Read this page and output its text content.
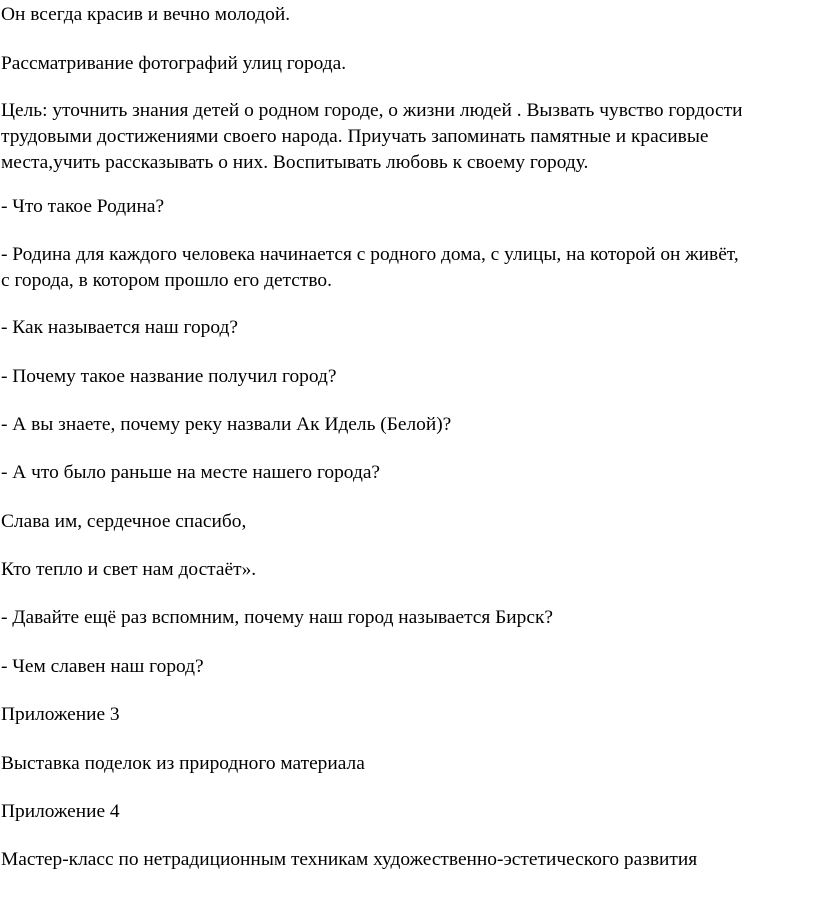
Он всегда красив и вечно молодой.

Рассматривание фотографий улиц города.

Цель: уточнить знания детей о родном городе, о жизни людей . Вызвать чувство гордости
трудовыми достижениями своего народа. Приучать запоминать памятные и красивые
места,учить рассказывать о них. Воспитывать любовь к своему городу.

- Что такое Родина?

- Родина для каждого человека начинается с родного дома, с улицы, на которой он живёт,
с города, в котором прошло его детство.

- Как называется наш город?

- Почему такое название получил город?

- А вы знаете, почему реку назвали Ак Идель (Белой)?

- А что было раньше на месте нашего города?

Слава им, сердечное спасибо,

Кто тепло и свет нам достаёт».

- Давайте ещё раз вспомним, почему наш город называется Бирск?

- Чем славен наш город?

Приложение 3

Выставка поделок из природного материала

Приложение 4

Мастер-класс по нетрадиционным техникам художественно-эстетического развития
